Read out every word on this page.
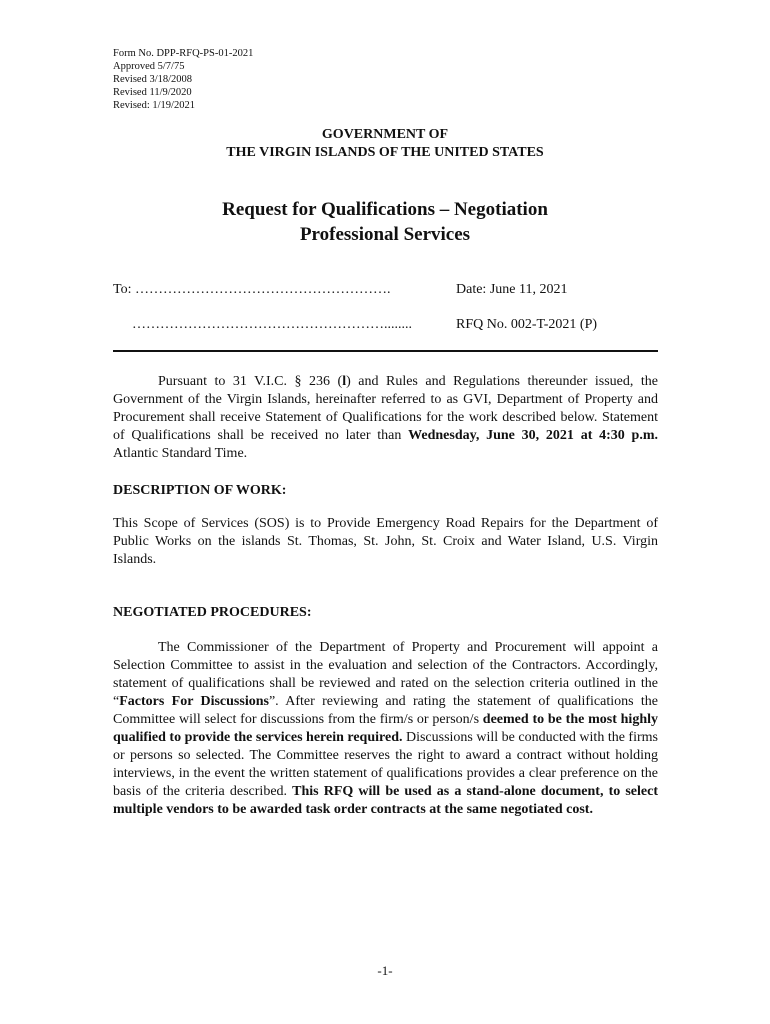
Form No. DPP-RFQ-PS-01-2021
Approved 5/7/75
Revised 3/18/2008
Revised 11/9/2020
Revised: 1/19/2021
GOVERNMENT OF
THE VIRGIN ISLANDS OF THE UNITED STATES
Request for Qualifications – Negotiation
Professional Services
To: ……………………………………………….
………………………………………………........
Date: June 11, 2021
RFQ No. 002-T-2021 (P)

Pursuant to 31 V.I.C. § 236 (l) and Rules and Regulations thereunder issued, the Government of the Virgin Islands, hereinafter referred to as GVI, Department of Property and Procurement shall receive Statement of Qualifications for the work described below. Statement of Qualifications shall be received no later than Wednesday, June 30, 2021 at 4:30 p.m. Atlantic Standard Time.

DESCRIPTION OF WORK:

This Scope of Services (SOS) is to Provide Emergency Road Repairs for the Department of Public Works on the islands St. Thomas, St. John, St. Croix and Water Island, U.S. Virgin Islands.

NEGOTIATED PROCEDURES:

The Commissioner of the Department of Property and Procurement will appoint a Selection Committee to assist in the evaluation and selection of the Contractors. Accordingly, statement of qualifications shall be reviewed and rated on the selection criteria outlined in the “Factors For Discussions”. After reviewing and rating the statement of qualifications the Committee will select for discussions from the firm/s or person/s deemed to be the most highly qualified to provide the services herein required. Discussions will be conducted with the firms or persons so selected. The Committee reserves the right to award a contract without holding interviews, in the event the written statement of qualifications provides a clear preference on the basis of the criteria described. This RFQ will be used as a stand-alone document, to select multiple vendors to be awarded task order contracts at the same negotiated cost.

-1-
